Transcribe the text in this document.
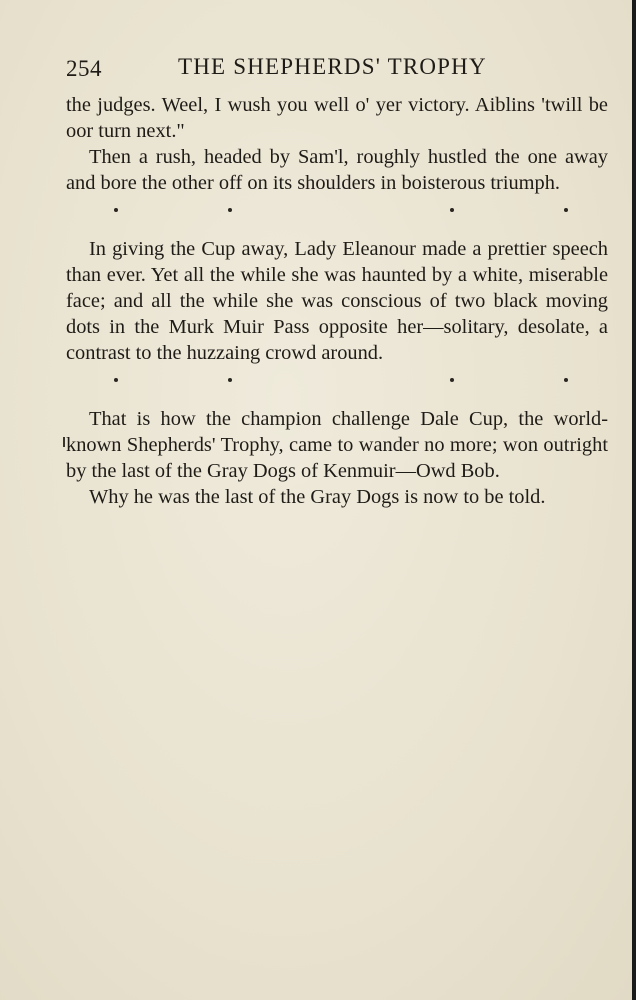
254	THE SHEPHERDS' TROPHY

the judges. Weel, I wush you well o' yer victory. Aiblins 'twill be oor turn next."

Then a rush, headed by Sam'l, roughly hustled the one away and bore the other off on its shoulders in boisterous triumph.

In giving the Cup away, Lady Eleanour made a prettier speech than ever. Yet all the while she was haunted by a white, miserable face; and all the while she was conscious of two black moving dots in the Murk Muir Pass opposite her—solitary, desolate, a contrast to the huzzaing crowd around.

That is how the champion challenge Dale Cup, the world-known Shepherds' Trophy, came to wander no more; won outright by the last of the Gray Dogs of Kenmuir—Owd Bob.

Why he was the last of the Gray Dogs is now to be told.
